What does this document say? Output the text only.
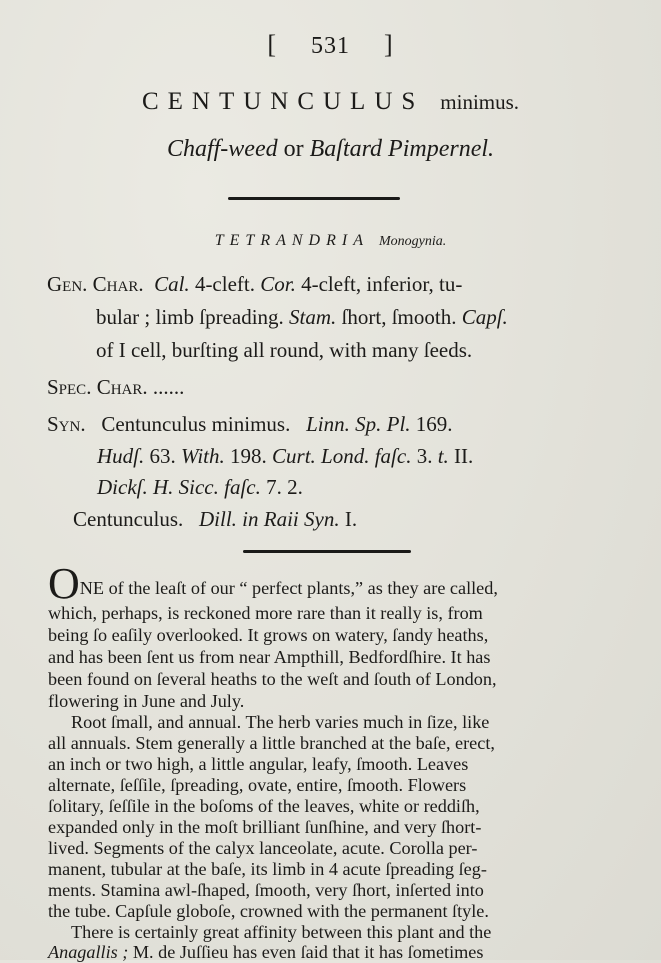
[ 531 ]
CENTUNCULUS minimus.
Chaff-weed or Baſtard Pimpernel.
TETRANDRIA Monogynia.
Gen. Char. Cal. 4-cleft. Cor. 4-cleft, inferior, tu-
bular ; limb ſpreading. Stam. ſhort, ſmooth. Capſ.
of I cell, burſting all round, with many ſeeds.
Spec. Char. ......
Syn. Centunculus minimus. Linn. Sp. Pl. 169.
Hudſ. 63. With. 198. Curt. Lond. faſc. 3. t. II.
Dickſ. H. Sicc. faſc. 7. 2.
Centunculus. Dill. in Raii Syn. I.
ONE of the leaſt of our “ perfect plants,” as they are called,
which, perhaps, is reckoned more rare than it really is, from
being ſo eaſily overlooked. It grows on watery, ſandy heaths,
and has been ſent us from near Ampthill, Bedfordſhire. It has
been found on ſeveral heaths to the weſt and ſouth of London,
flowering in June and July.
Root ſmall, and annual. The herb varies much in ſize, like
all annuals. Stem generally a little branched at the baſe, erect,
an inch or two high, a little angular, leafy, ſmooth. Leaves
alternate, ſeſſile, ſpreading, ovate, entire, ſmooth. Flowers
ſolitary, ſeſſile in the boſoms of the leaves, white or reddiſh,
expanded only in the moſt brilliant ſunſhine, and very ſhort-
lived. Segments of the calyx lanceolate, acute. Corolla per-
manent, tubular at the baſe, its limb in 4 acute ſpreading ſeg-
ments. Stamina awl-ſhaped, ſmooth, very ſhort, inſerted into
the tube. Capſule globoſe, crowned with the permanent ſtyle.
There is certainly great affinity between this plant and the
Anagallis ; M. de Juſſieu has even ſaid that it has ſometimes
